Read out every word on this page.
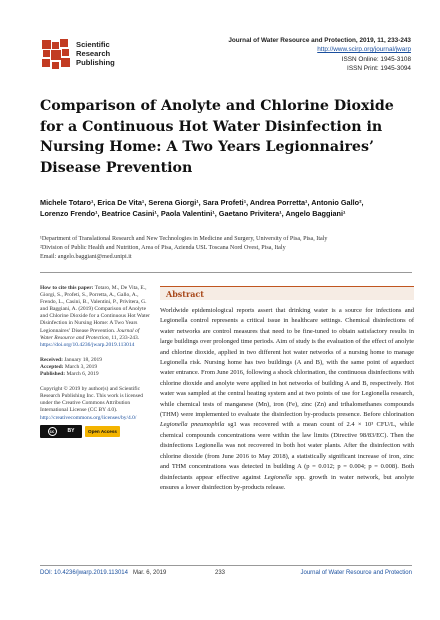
Scientific
Research
Publishing
Journal of Water Resource and Protection, 2019, 11, 233-243
http://www.scirp.org/journal/jwarp
ISSN Online: 1945-3108
ISSN Print: 1945-3094
Comparison of Anolyte and Chlorine Dioxide for a Continuous Hot Water Disinfection in Nursing Home: A Two Years Legionnaires’ Disease Prevention
Michele Totaro¹, Erica De Vita¹, Serena Giorgi¹, Sara Profeti¹, Andrea Porretta¹, Antonio Gallo²,
Lorenzo Frendo¹, Beatrice Casini¹, Paola Valentini¹, Gaetano Privitera¹, Angelo Baggiani¹
¹Department of Translational Research and New Technologies in Medicine and Surgery, University of Pisa, Pisa, Italy
²Division of Public Health and Nutrition, Area of Pisa, Azienda USL Toscana Nord Ovest, Pisa, Italy
Email: angelo.baggiani@med.unipi.it
How to cite this paper: Totaro, M., De Vita, E., Giorgi, S., Profeti, S., Porretta, A., Gallo, A., Frendo, L., Casini, B., Valentini, P., Privitera, G. and Baggiani, A. (2019) Comparison of Anolyte and Chlorine Dioxide for a Continuous Hot Water Disinfection in Nursing Home: A Two Years Legionnaires’ Disease Prevention. Journal of Water Resource and Protection, 11, 233-243. https://doi.org/10.4236/jwarp.2019.113014
Received: January 18, 2019
Accepted: March 3, 2019
Published: March 6, 2019
Copyright © 2019 by author(s) and Scientific Research Publishing Inc. This work is licensed under the Creative Commons Attribution International License (CC BY 4.0).
http://creativecommons.org/licenses/by/4.0/
cc	BY	Open Access
Abstract

Worldwide epidemiological reports assert that drinking water is a source for infections and Legionella control represents a critical issue in healthcare settings. Chemical disinfections of water networks are control measures that need to be fine-tuned to obtain satisfactory results in large buildings over prolonged time periods. Aim of study is the evaluation of the effect of anolyte and chlorine dioxide, applied in two different hot water networks of a nursing home to manage Legionella risk. Nursing home has two buildings (A and B), with the same point of aqueduct water entrance. From June 2016, following a shock chlorination, the continuous disinfections with chlorine dioxide and anolyte were applied in hot networks of building A and B, respectively. Hot water was sampled at the central heating system and at two points of use for Legionella research, while chemical tests of manganese (Mn), iron (Fe), zinc (Zn) and trihalomethanes compounds (THM) were implemented to evaluate the disinfection by-products presence. Before chlorination Legionella pneumophila sg1 was recovered with a mean count of 2.4 × 10³ CFU/L, while chemical compounds concentrations were within the law limits (Directive 98/83/EC). Then the disinfections Legionella was not recovered in both hot water plants. After the disinfection with chlorine dioxide (from June 2016 to May 2018), a statistically significant increase of iron, zinc and THM concentrations was detected in building A (p = 0.012; p = 0.004; p = 0.008). Both disinfectants appear effective against Legionella spp. growth in water network, but anolyte ensures a lower disinfection by-products release.

DOI: 10.4236/jwarp.2019.113014 Mar. 6, 2019	233	Journal of Water Resource and Protection
